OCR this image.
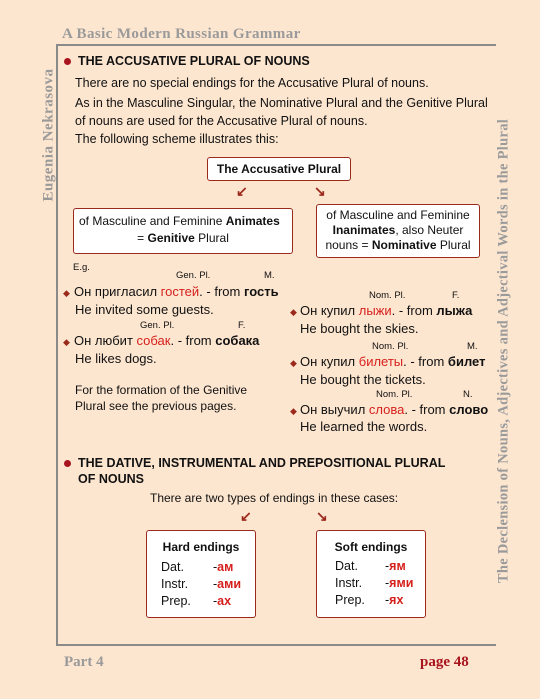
A Basic Modern Russian Grammar
Eugenia Nekrasova	The Declension of Nouns, Adjectives and Adjectival Words in the Plural
Part 4	page 48
THE ACCUSATIVE PLURAL OF NOUNS
There are no special endings for the Accusative Plural of nouns.
As in the Masculine Singular, the Nominative Plural and the Genitive Plural
of nouns are used for the Accusative Plural of nouns.
The following scheme illustrates this:
The Accusative Plural
↙	↘
of Masculine and Feminine Animates
= Genitive Plural
of Masculine and Feminine
Inanimates, also Neuter
nouns = Nominative Plural
E.g.
Gen. Pl.	M.
◆ Он пригласил гостей. - from гость
He invited some guests.
Gen. Pl.	F.
◆ Он любит собак. - from собака
He likes dogs.
For the formation of the Genitive
Plural see the previous pages.
Nom. Pl.	F.
◆ Он купил лыжи. - from лыжа
He bought the skies.
Nom. Pl.	M.
◆ Он купил билеты. - from билет
He bought the tickets.
Nom. Pl.	N.
◆ Он выучил слова. - from слово
He learned the words.
THE DATIVE, INSTRUMENTAL AND PREPOSITIONAL PLURAL
OF NOUNS
There are two types of endings in these cases:
↙	↘
Hard endings
Dat. -ам
Instr. -ами
Prep. -ах
Soft endings
Dat. -ям
Instr. -ями
Prep. -ях
